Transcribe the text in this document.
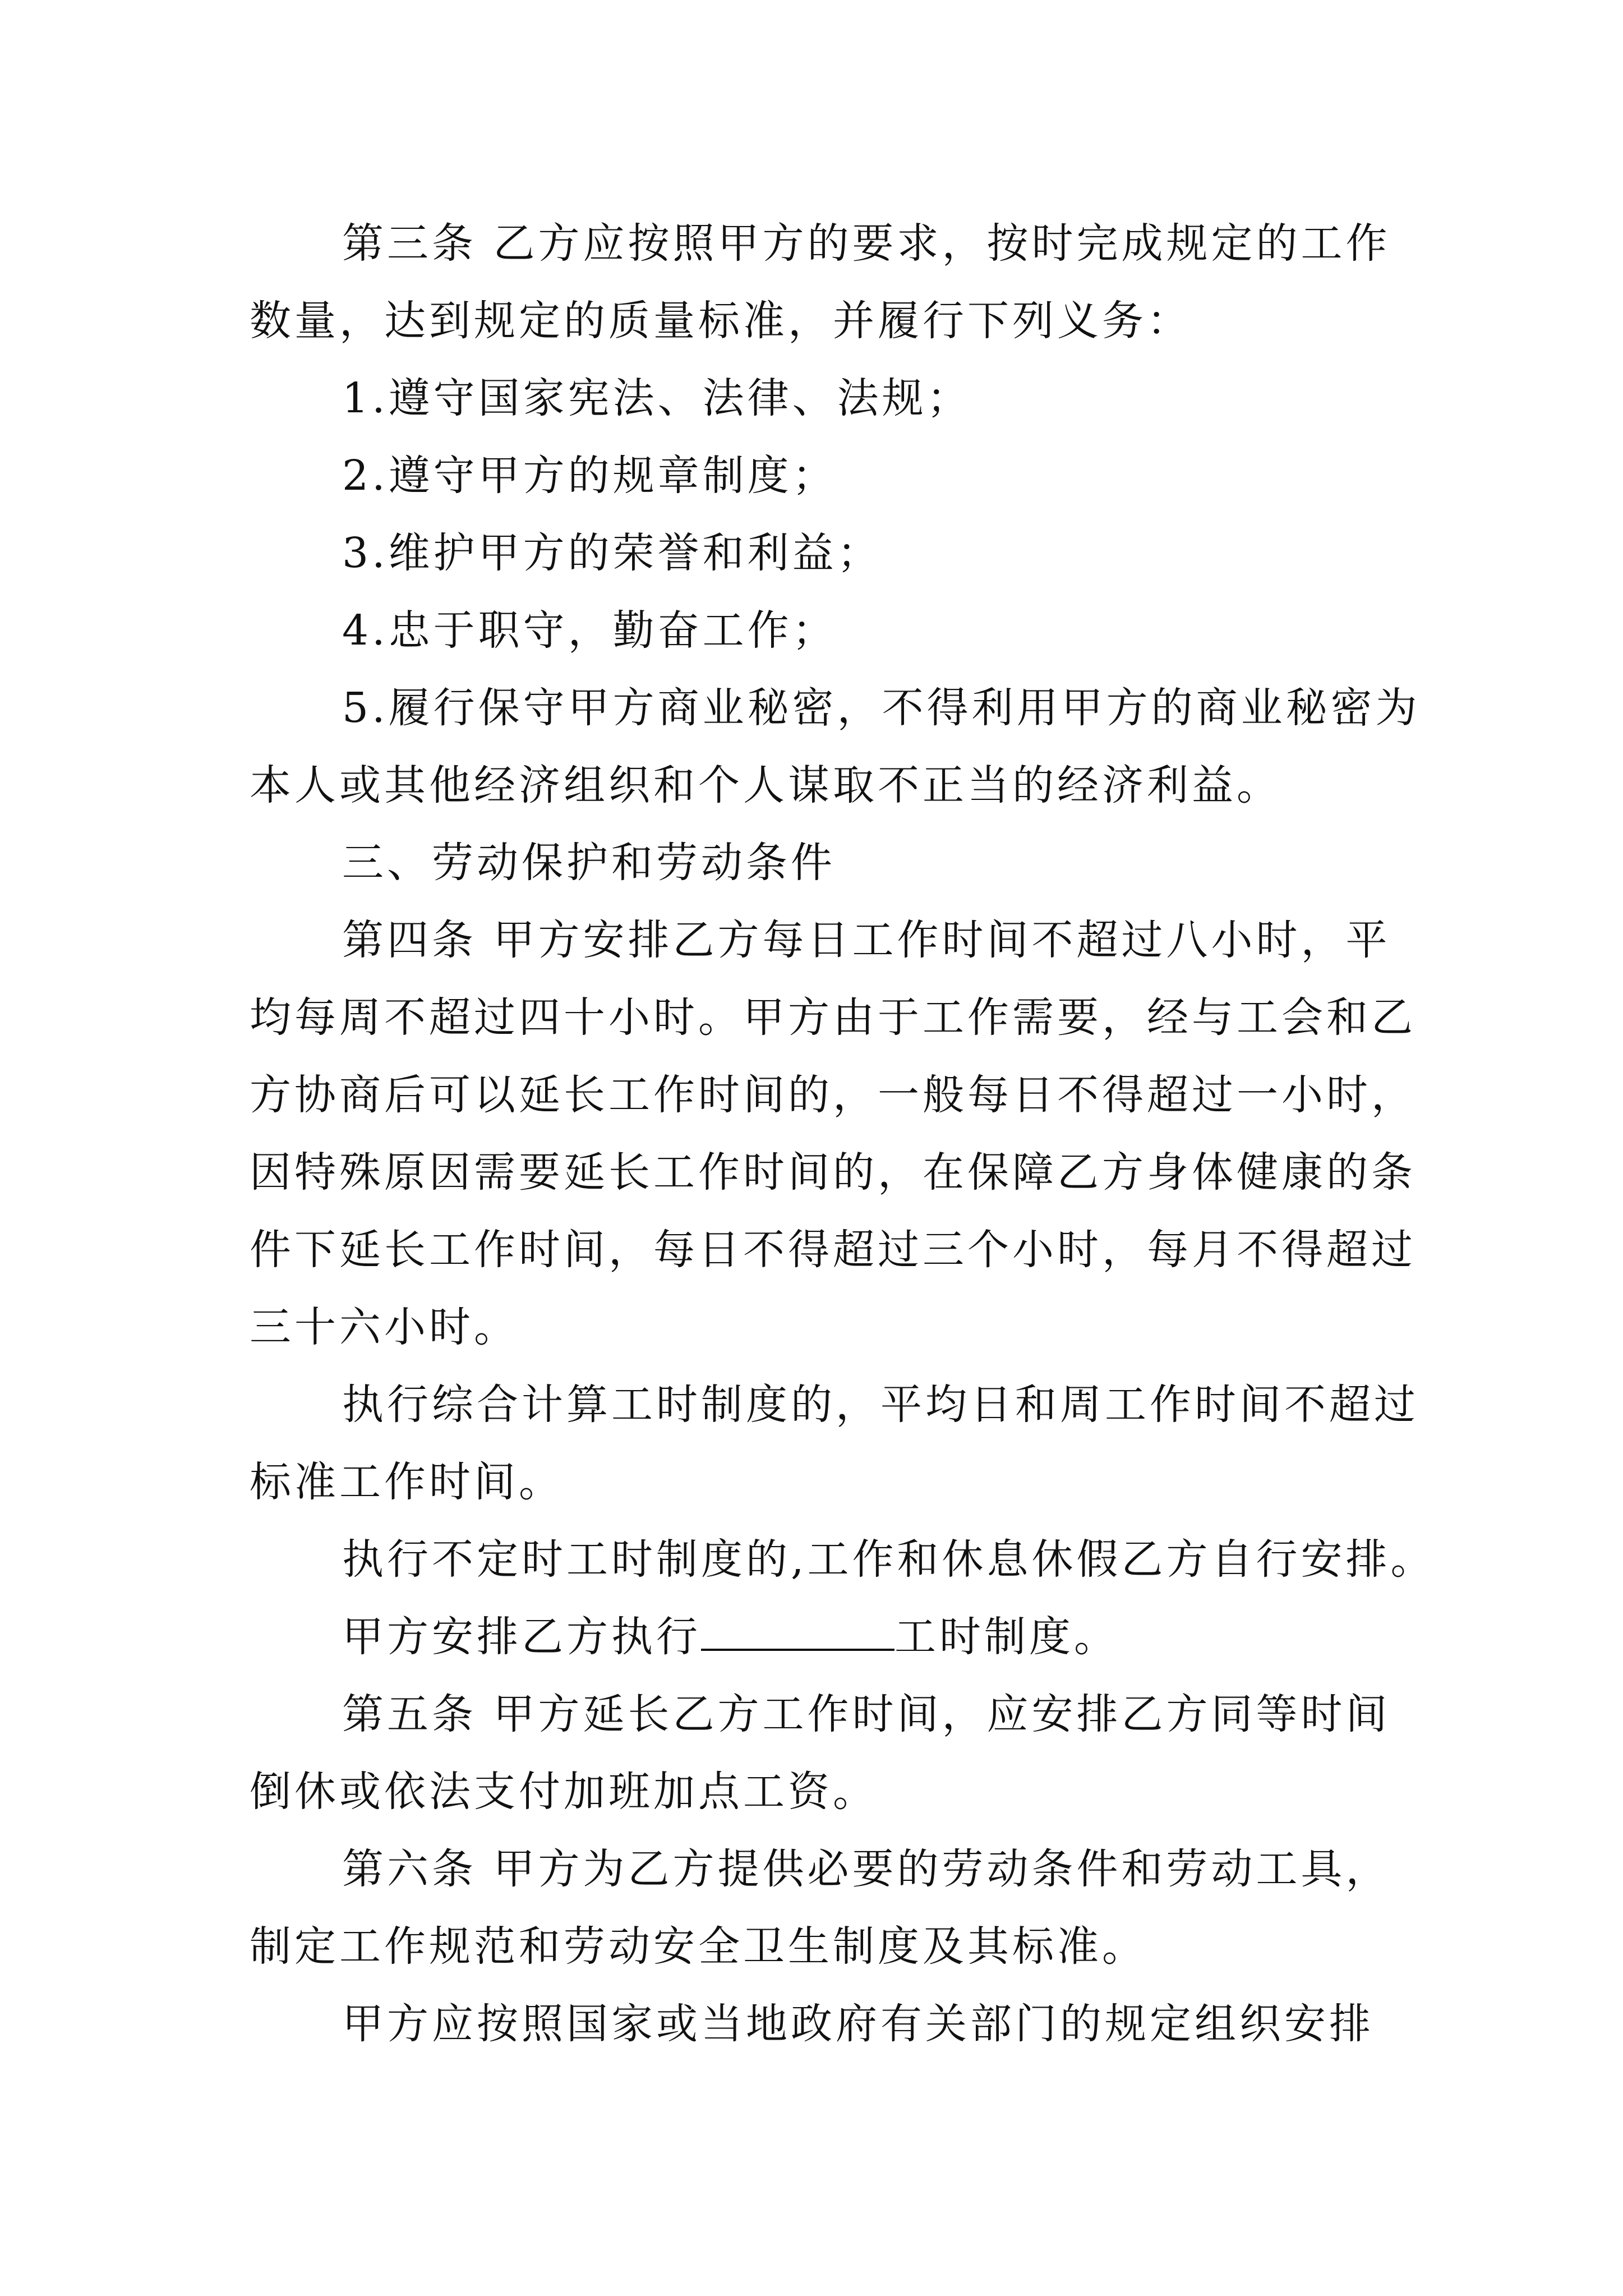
第三条 乙方应按照甲方的要求，按时完成规定的工作
数量，达到规定的质量标准，并履行下列义务：
1.遵守国家宪法、法律、法规；
2.遵守甲方的规章制度；
3.维护甲方的荣誉和利益；
4.忠于职守，勤奋工作；
5.履行保守甲方商业秘密，不得利用甲方的商业秘密为
本人或其他经济组织和个人谋取不正当的经济利益。
三、劳动保护和劳动条件
第四条 甲方安排乙方每日工作时间不超过八小时，平
均每周不超过四十小时。甲方由于工作需要，经与工会和乙
方协商后可以延长工作时间的，一般每日不得超过一小时，
因特殊原因需要延长工作时间的，在保障乙方身体健康的条
件下延长工作时间，每日不得超过三个小时，每月不得超过
三十六小时。
执行综合计算工时制度的，平均日和周工作时间不超过
标准工作时间。
执行不定时工时制度的,工作和休息休假乙方自行安排。
甲方安排乙方执行	工时制度。
第五条 甲方延长乙方工作时间，应安排乙方同等时间
倒休或依法支付加班加点工资。
第六条 甲方为乙方提供必要的劳动条件和劳动工具，
制定工作规范和劳动安全卫生制度及其标准。
甲方应按照国家或当地政府有关部门的规定组织安排
